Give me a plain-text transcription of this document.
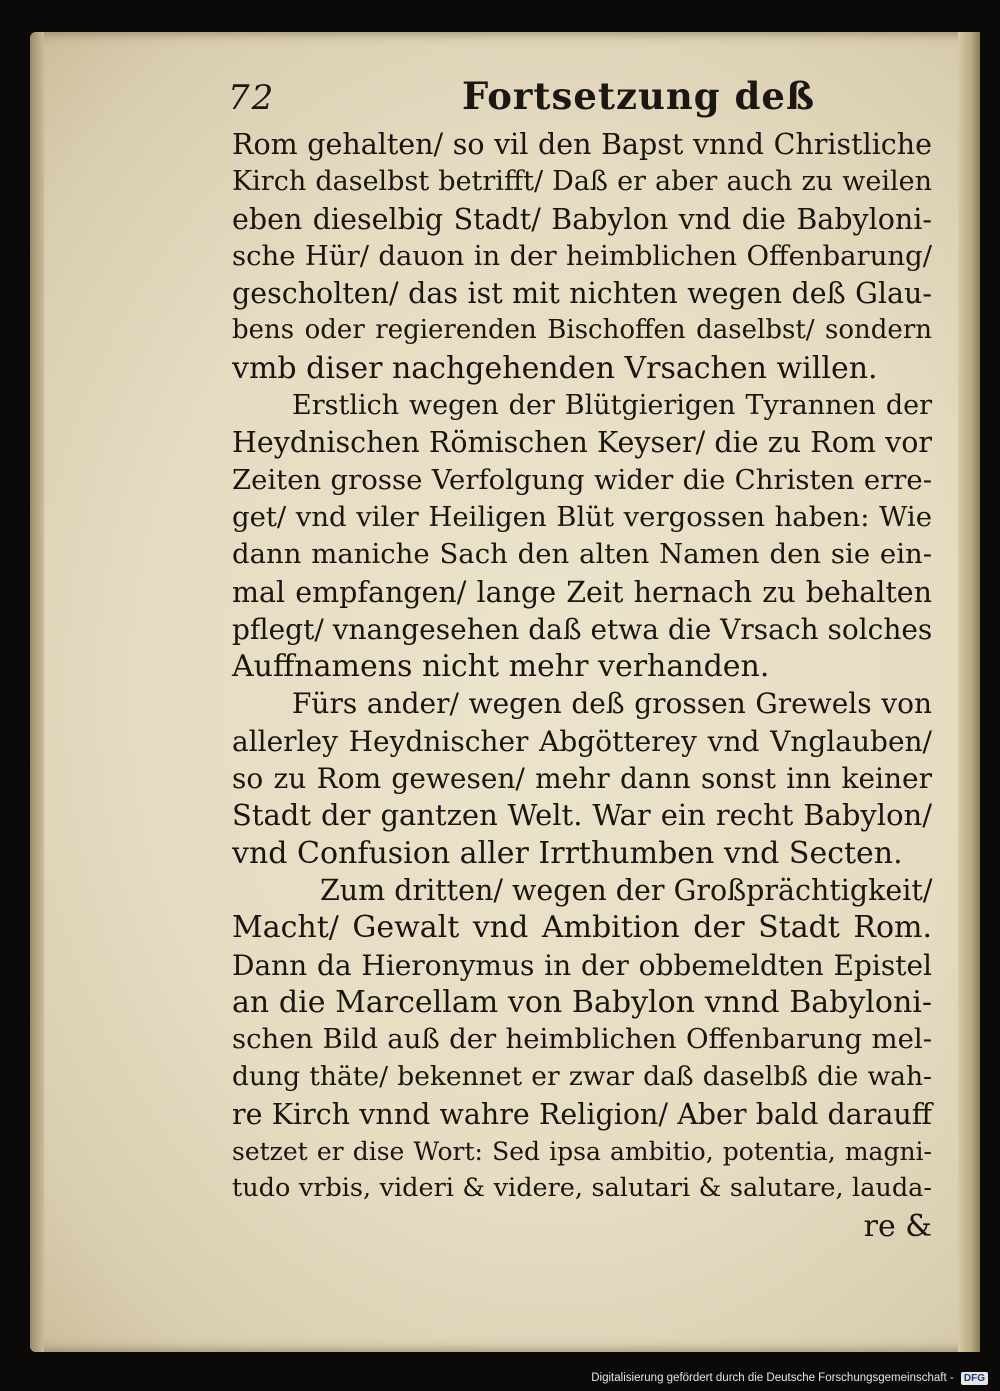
72	Fortsetzung deß
Rom gehalten/ so vil den Bapst vnnd Christliche
Kirch daselbst betrifft/ Daß er aber auch zu weilen
eben dieselbig Stadt/ Babylon vnd die Babyloni-
sche Hür/ dauon in der heimblichen Offenbarung/
gescholten/ das ist mit nichten wegen deß Glau-
bens oder regierenden Bischoffen daselbst/ sondern
vmb diser nachgehenden Vrsachen willen.
Erstlich wegen der Blütgierigen Tyrannen der
Heydnischen Römischen Keyser/ die zu Rom vor
Zeiten grosse Verfolgung wider die Christen erre-
get/ vnd viler Heiligen Blüt vergossen haben: Wie
dann maniche Sach den alten Namen den sie ein-
mal empfangen/ lange Zeit hernach zu behalten
pflegt/ vnangesehen daß etwa die Vrsach solches
Auffnamens nicht mehr verhanden.
Fürs ander/ wegen deß grossen Grewels von
allerley Heydnischer Abgötterey vnd Vnglauben/
so zu Rom gewesen/ mehr dann sonst inn keiner
Stadt der gantzen Welt. War ein recht Babylon/
vnd Confusion aller Irrthumben vnd Secten.
Zum dritten/ wegen der Großprächtigkeit/
Macht/ Gewalt vnd Ambition der Stadt Rom.
Dann da Hieronymus in der obbemeldten Epistel
an die Marcellam von Babylon vnnd Babyloni-
schen Bild auß der heimblichen Offenbarung mel-
dung thäte/ bekennet er zwar daß daselbß die wah-
re Kirch vnnd wahre Religion/ Aber bald darauff
setzet er dise Wort: Sed ipsa ambitio, potentia, magni-
tudo vrbis, videri & videre, salutari & salutare, lauda-
re &
Digitalisierung gefördert durch die Deutsche Forschungsgemeinschaft - DFG
